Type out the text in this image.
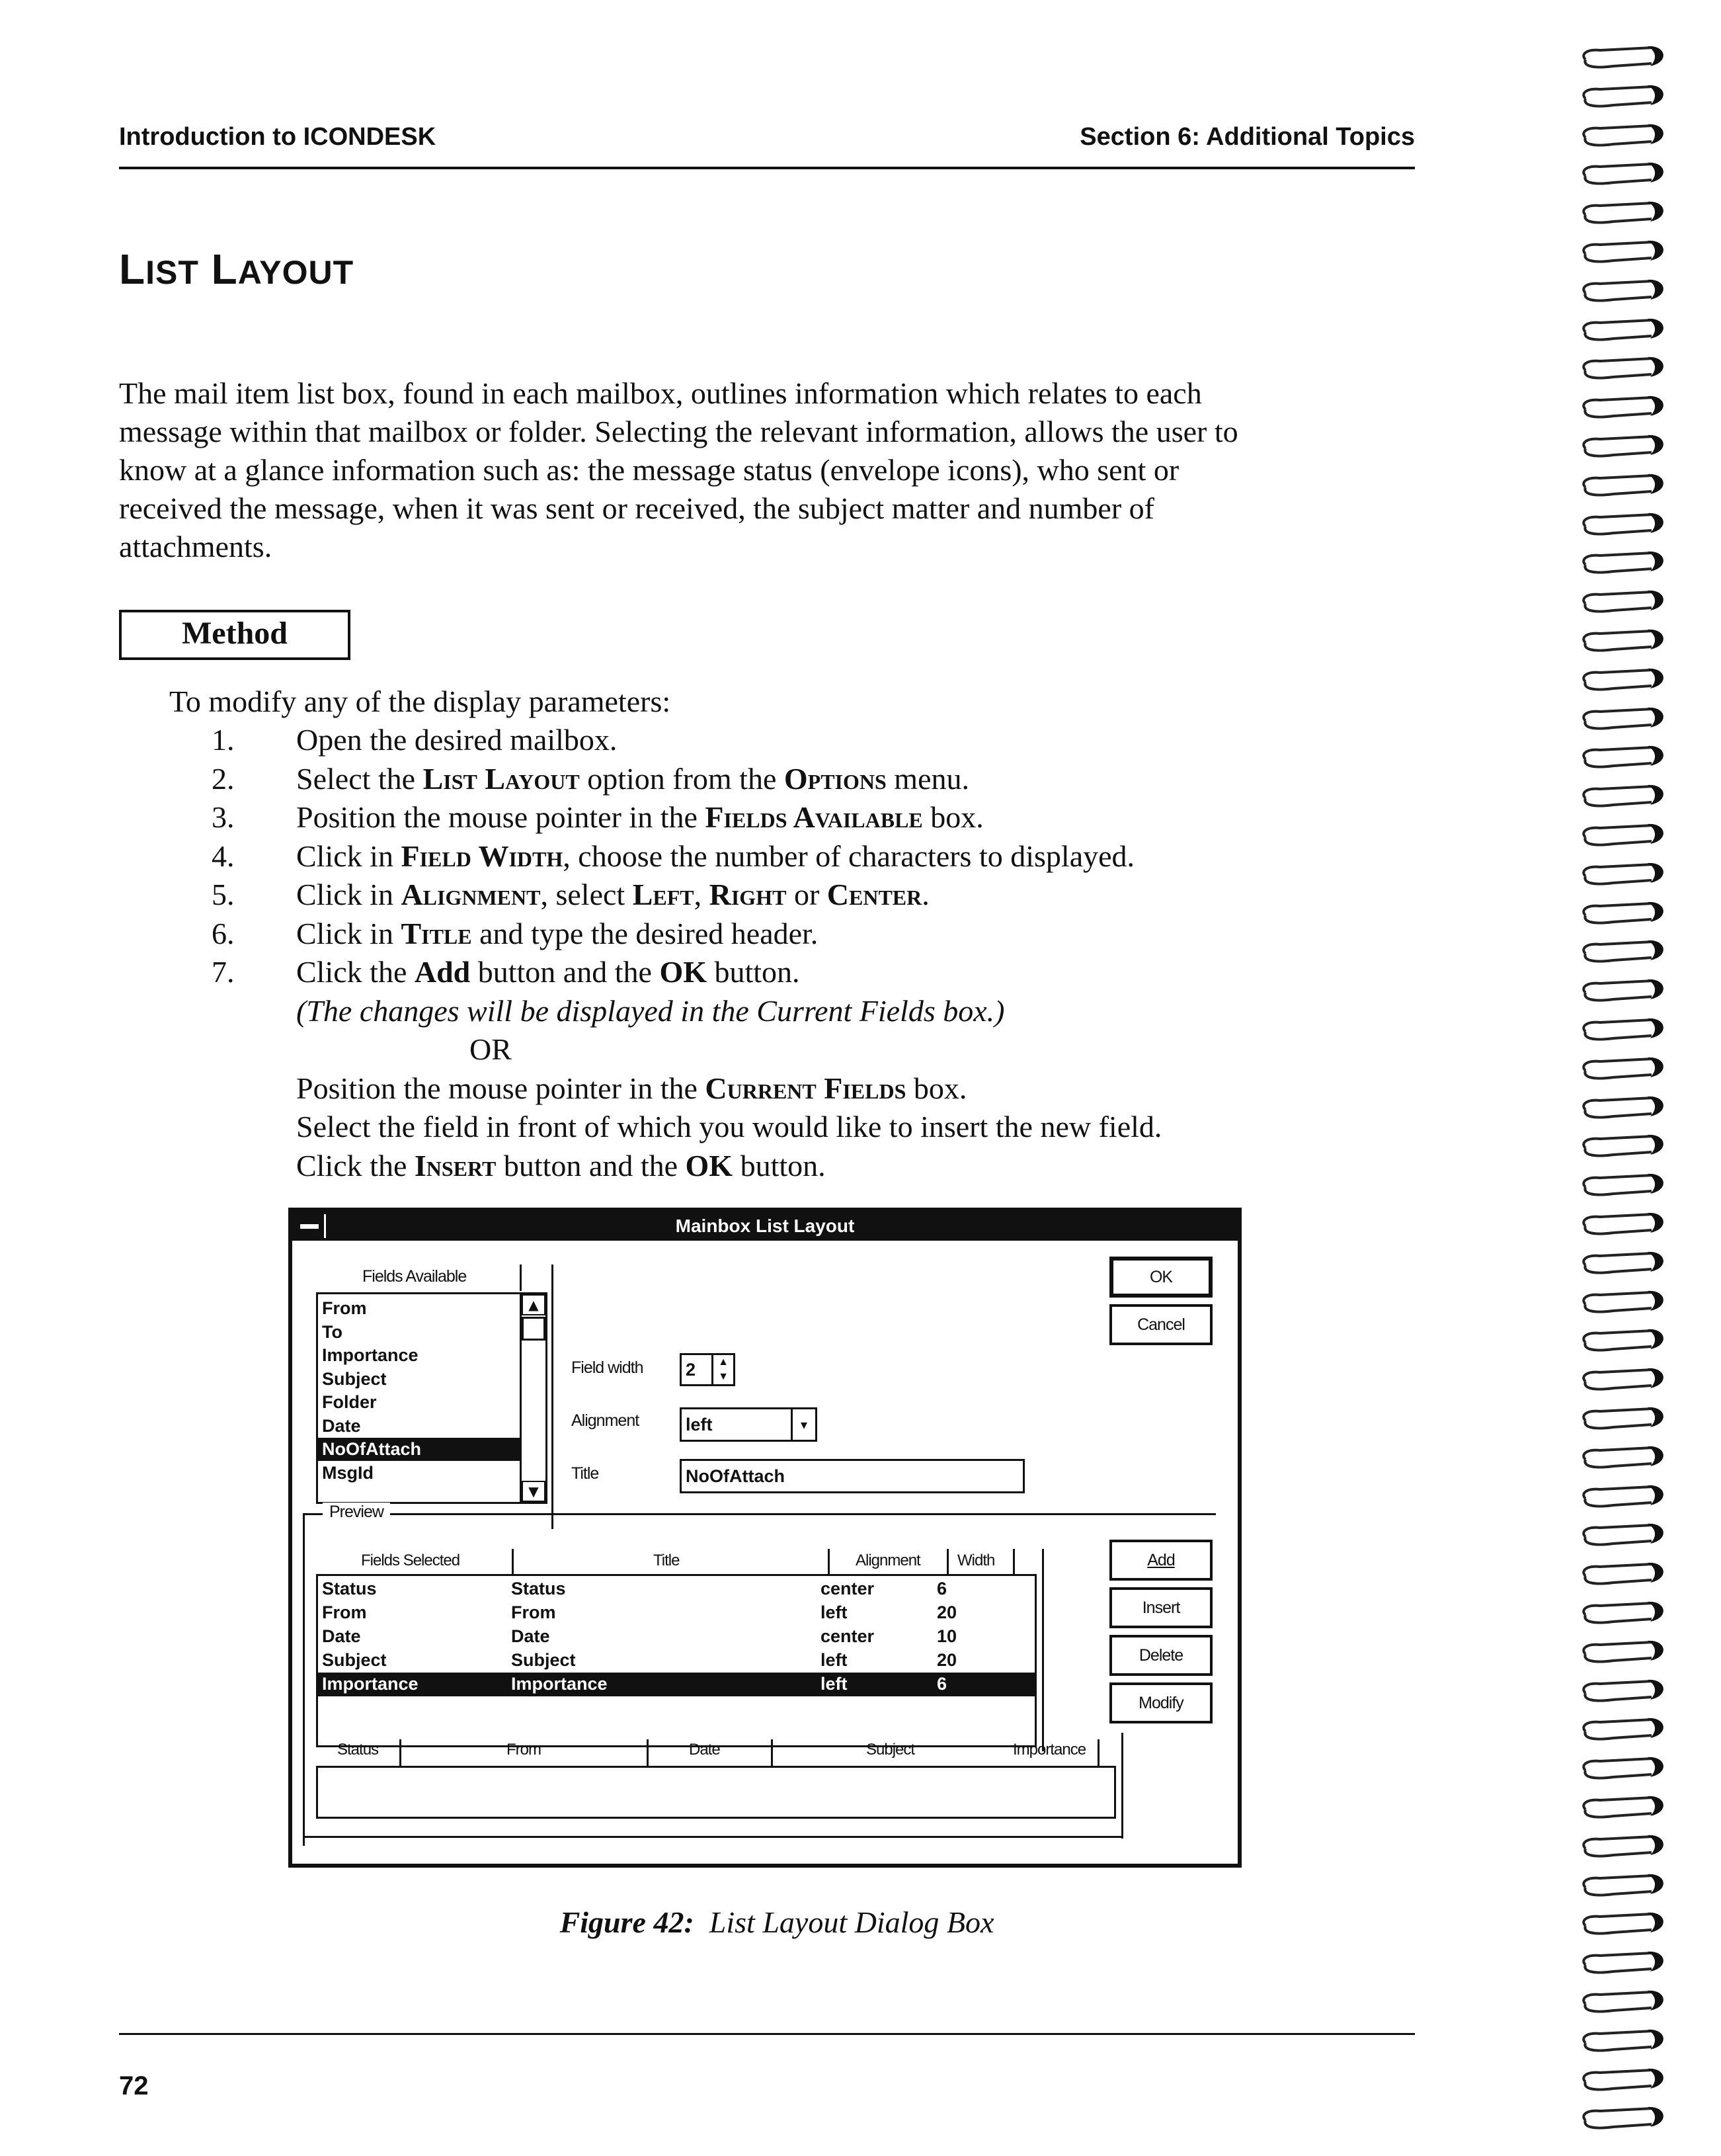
Introduction to ICONDESK	Section 6: Additional Topics
LIST LAYOUT
The mail item list box, found in each mailbox, outlines information which relates to each
message within that mailbox or folder. Selecting the relevant information, allows the user to
know at a glance information such as: the message status (envelope icons), who sent or
received the message, when it was sent or received, the subject matter and number of
attachments.
Method
To modify any of the display parameters:
1. Open the desired mailbox.
2. Select the List Layout option from the Options menu.
3. Position the mouse pointer in the Fields Available box.
4. Click in Field Width, choose the number of characters to displayed.
5. Click in Alignment, select Left, Right or Center.
6. Click in Title and type the desired header.
7. Click the Add button and the OK button.
(The changes will be displayed in the Current Fields box.)
OR
Position the mouse pointer in the Current Fields box.
Select the field in front of which you would like to insert the new field.
Click the Insert button and the OK button.
Mainbox List Layout
Fields Available
From
To
Importance
Subject
Folder
Date
NoOfAttach
MsgId
▲
▼
Field width	2	▲
▼
Alignment	left	▾
Title	NoOfAttach
OK
Cancel
Preview
Fields Selected	Title	Alignment Width
Status	Status	center	6
From	From	left	20
Date	Date	center	10
Subject	Subject	left	20
Importance	Importance	left	6
Add
Insert
Delete
Modify
Status	From	Date	Subject	Importance
Figure 42: List Layout Dialog Box
72
